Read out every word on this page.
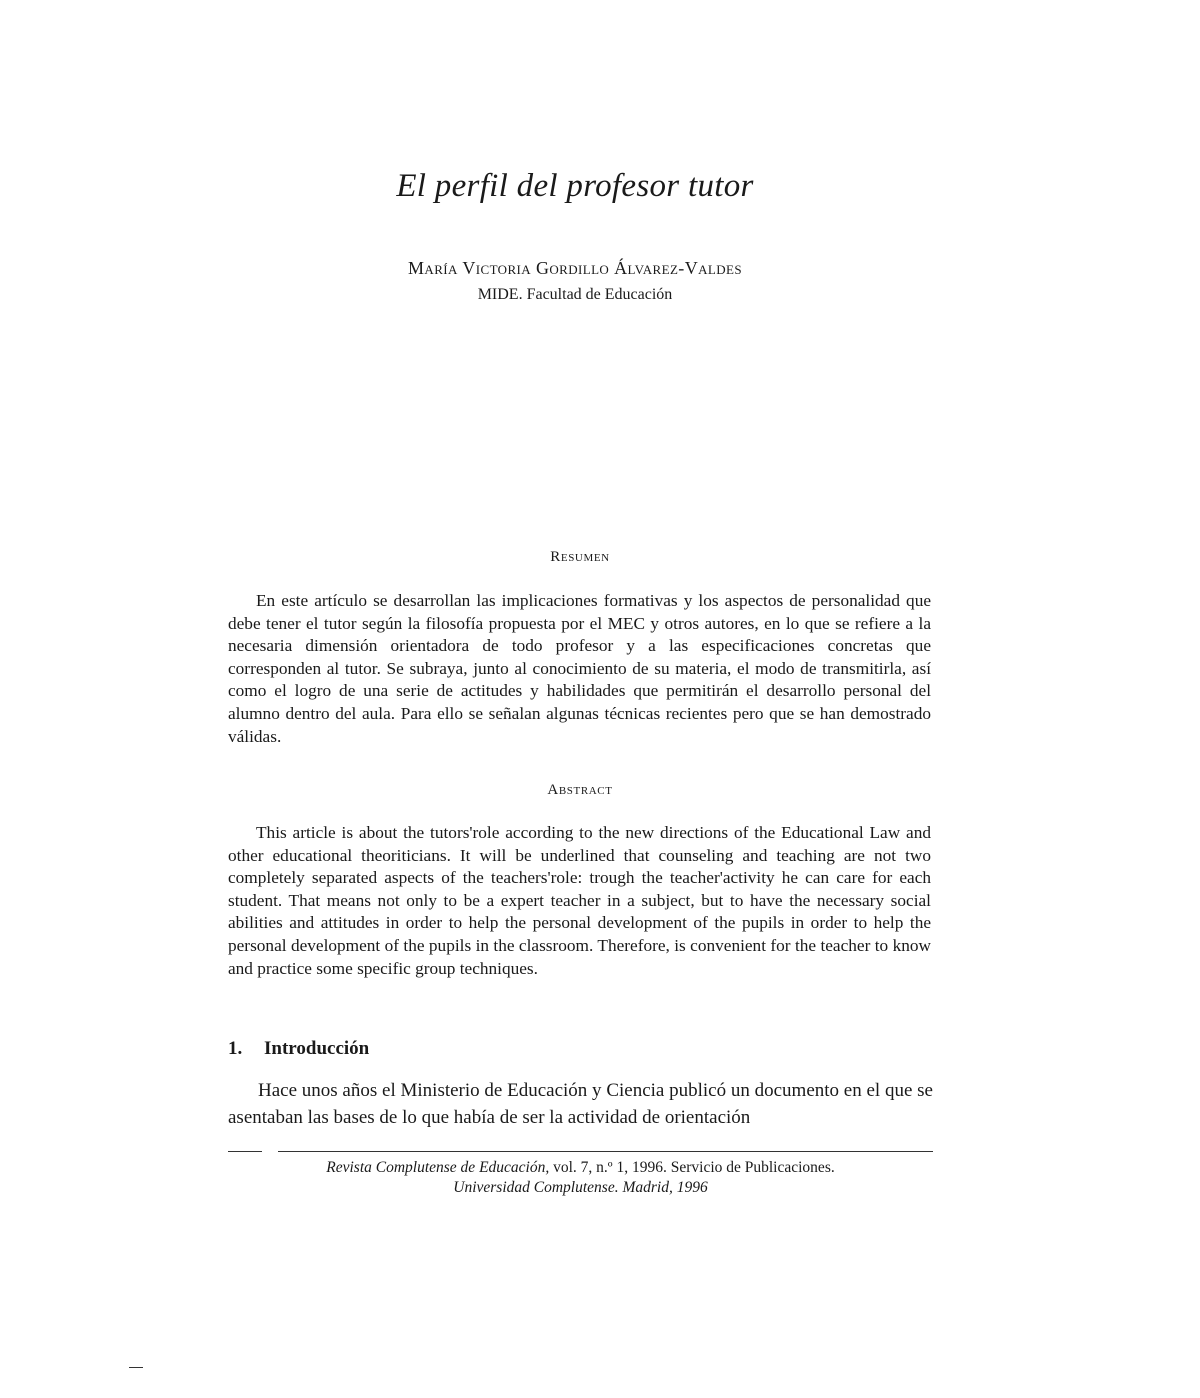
El perfil del profesor tutor
María Victoria Gordillo Álvarez-Valdes
MIDE. Facultad de Educación
Resumen

En este artículo se desarrollan las implicaciones formativas y los aspectos de personalidad que debe tener el tutor según la filosofía propuesta por el MEC y otros autores, en lo que se refiere a la necesaria dimensión orientadora de todo profesor y a las especificaciones concretas que corresponden al tutor. Se subraya, junto al conocimiento de su materia, el modo de transmitirla, así como el logro de una serie de actitudes y habilidades que permitirán el desarrollo personal del alumno dentro del aula. Para ello se señalan algunas técnicas recientes pero que se han demostrado válidas.

Abstract

This article is about the tutors'role according to the new directions of the Educational Law and other educational theoriticians. It will be underlined that counseling and teaching are not two completely separated aspects of the teachers'role: trough the teacher'activity he can care for each student. That means not only to be a expert teacher in a subject, but to have the necessary social abilities and attitudes in order to help the personal development of the pupils in order to help the personal development of the pupils in the classroom. Therefore, is convenient for the teacher to know and practice some specific group techniques.

1. Introducción

Hace unos años el Ministerio de Educación y Ciencia publicó un documento en el que se asentaban las bases de lo que había de ser la actividad de orientación

Revista Complutense de Educación, vol. 7, n.º 1, 1996. Servicio de Publicaciones.
Universidad Complutense. Madrid, 1996
